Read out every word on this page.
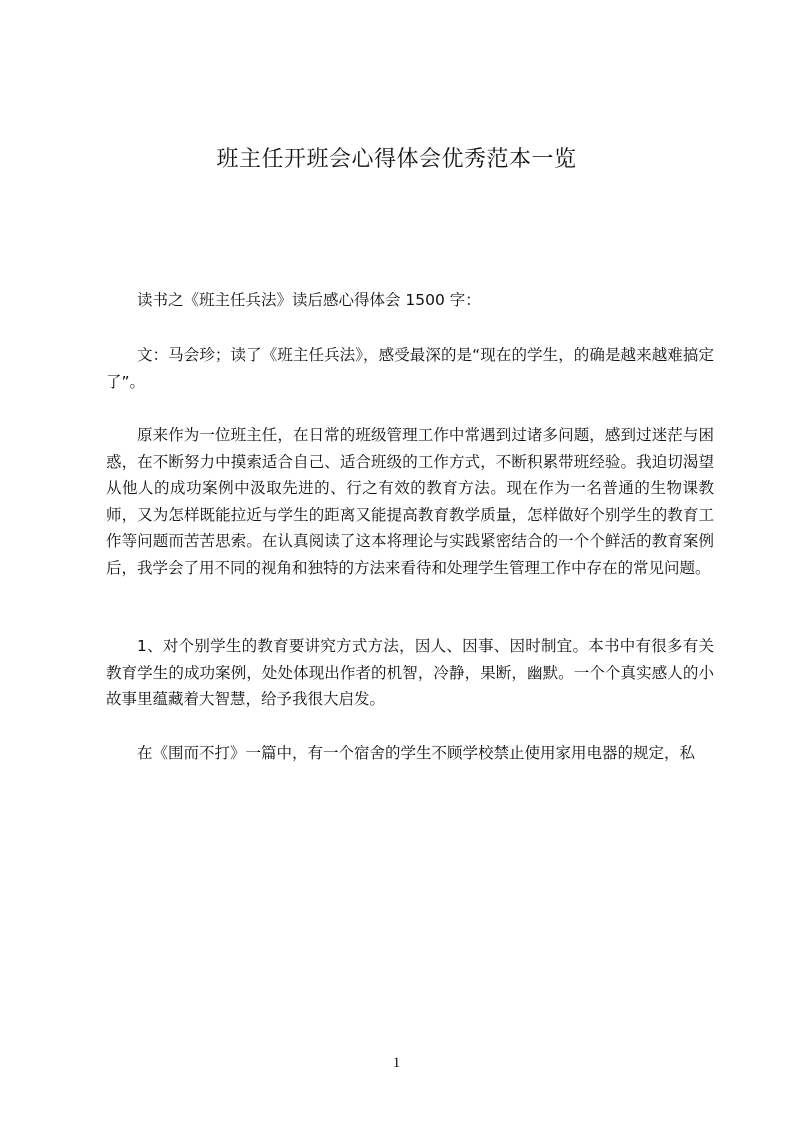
班主任开班会心得体会优秀范本一览

读书之《班主任兵法》读后感心得体会 1500 字：

文：马会珍；读了《班主任兵法》，感受最深的是“现在的学生，的确是越来越难搞定了”。

原来作为一位班主任，在日常的班级管理工作中常遇到过诸多问题，感到过迷茫与困惑，在不断努力中摸索适合自己、适合班级的工作方式，不断积累带班经验。我迫切渴望从他人的成功案例中汲取先进的、行之有效的教育方法。现在作为一名普通的生物课教师，又为怎样既能拉近与学生的距离又能提高教育教学质量，怎样做好个别学生的教育工作等问题而苦苦思索。在认真阅读了这本将理论与实践紧密结合的一个个鲜活的教育案例后，我学会了用不同的视角和独特的方法来看待和处理学生管理工作中存在的常见问题。

1、对个别学生的教育要讲究方式方法，因人、因事、因时制宜。本书中有很多有关教育学生的成功案例，处处体现出作者的机智，冷静，果断，幽默。一个个真实感人的小故事里蕴藏着大智慧，给予我很大启发。

在《围而不打》一篇中，有一个宿舍的学生不顾学校禁止使用家用电器的规定，私

1
